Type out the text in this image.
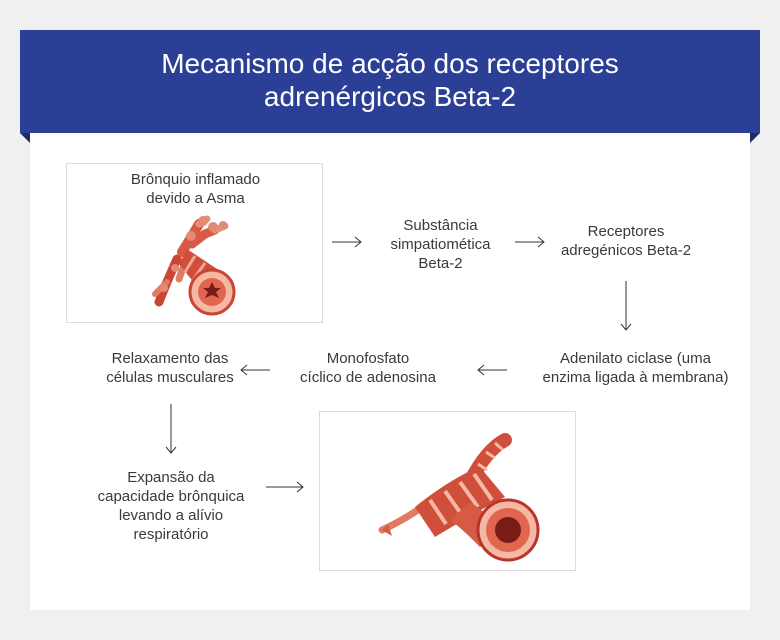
Mecanismo de acção dos receptores
adrenérgicos Beta-2
Brônquio inflamado
devido a Asma
Substância
simpatiomética
Beta-2
Receptores
adregénicos Beta-2
Adenilato ciclase (uma
enzima ligada à membrana)
Monofosfato
cíclico de adenosina
Relaxamento das
células musculares
Expansão da
capacidade brônquica
levando a alívio
respiratório
